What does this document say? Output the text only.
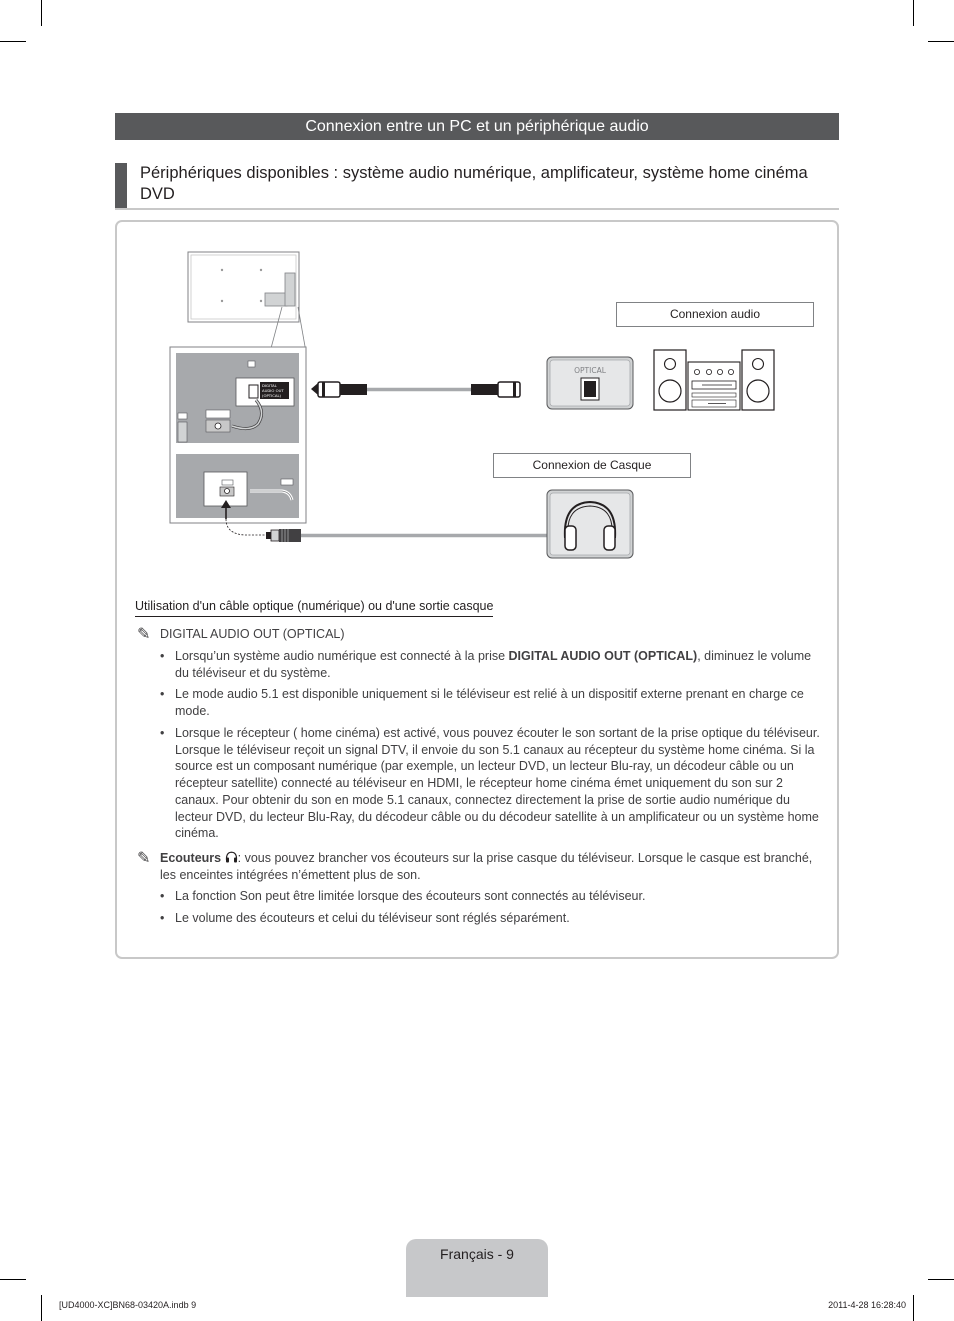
Connexion entre un PC et un périphérique audio
Périphériques disponibles : système audio numérique, amplificateur, système home cinéma DVD
DIGITAL
AUDIO OUT
(OPTICAL)
OPTICAL
Connexion audio
Connexion de Casque
Utilisation d'un câble optique (numérique) ou d'une sortie casque
✎ DIGITAL AUDIO OUT (OPTICAL)
• Lorsqu’un système audio numérique est connecté à la prise DIGITAL AUDIO OUT (OPTICAL), diminuez le volume du téléviseur et du système.
• Le mode audio 5.1 est disponible uniquement si le téléviseur est relié à un dispositif externe prenant en charge ce mode.
• Lorsque le récepteur ( home cinéma) est activé, vous pouvez écouter le son sortant de la prise optique du téléviseur. Lorsque le téléviseur reçoit un signal DTV, il envoie du son 5.1 canaux au récepteur du système home cinéma. Si la source est un composant numérique (par exemple, un lecteur DVD, un lecteur Blu-ray, un décodeur câble ou un récepteur satellite) connecté au téléviseur en HDMI, le récepteur home cinéma émet uniquement du son sur 2 canaux. Pour obtenir du son en mode 5.1 canaux, connectez directement la prise de sortie audio numérique du lecteur DVD, du lecteur Blu-Ray, du décodeur câble ou du décodeur satellite à un amplificateur ou un système home cinéma.
✎ Ecouteurs : vous pouvez brancher vos écouteurs sur la prise casque du téléviseur. Lorsque le casque est branché, les enceintes intégrées n’émettent plus de son.
• La fonction Son peut être limitée lorsque des écouteurs sont connectés au téléviseur.
• Le volume des écouteurs et celui du téléviseur sont réglés séparément.
Français - 9
[UD4000-XC]BN68-03420A.indb 9	2011-4-28 16:28:40
